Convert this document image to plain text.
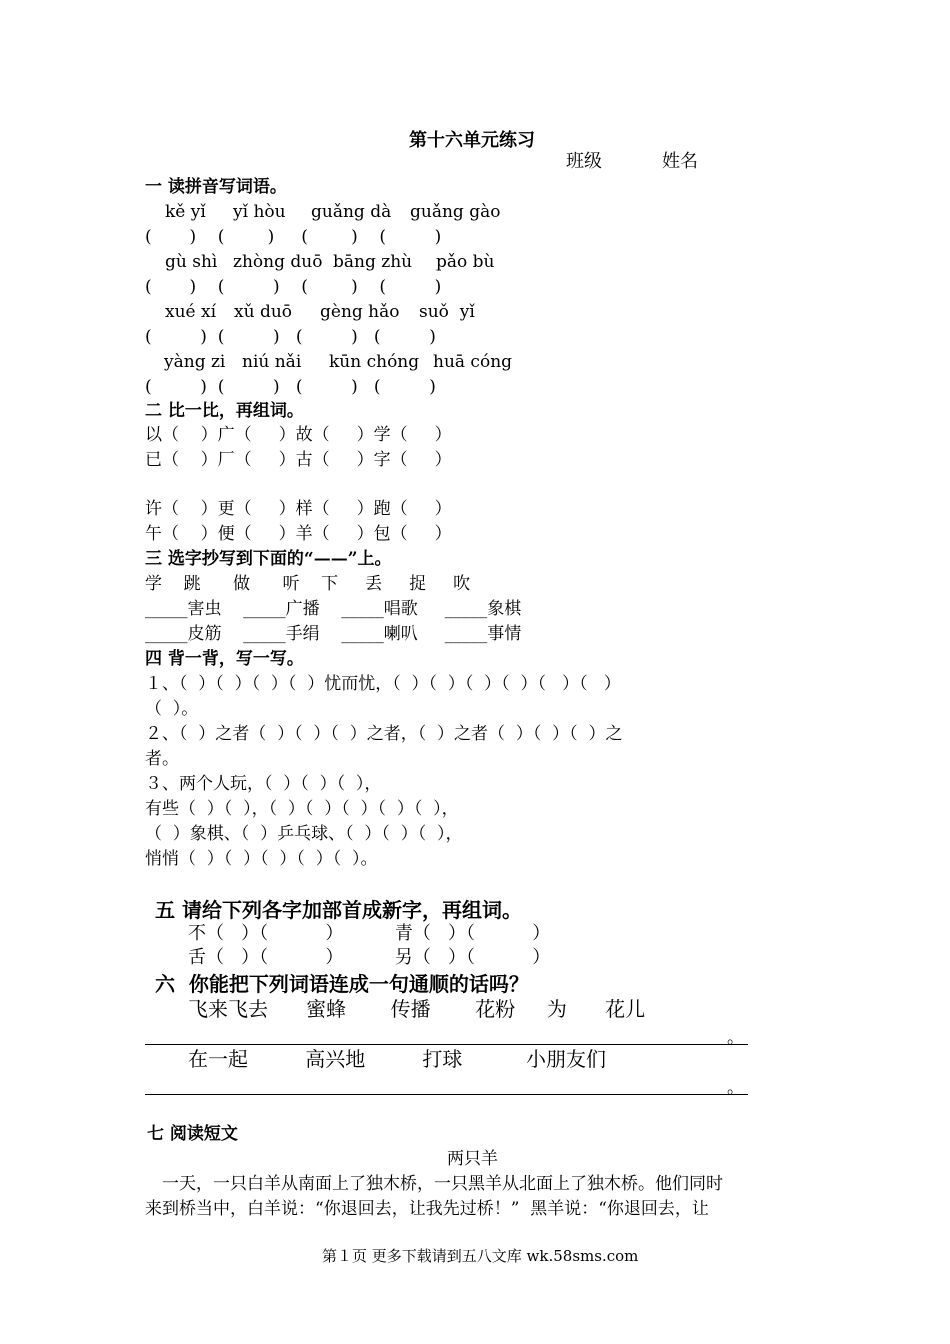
第十六单元练习
班级	姓名
一 读拼音写词语。
kě yǐ yǐ hòu guǎng dà guǎng gào
(       )    (        )     (        )    (         )
gù shì zhòng duō bāng zhù pǎo bù
(       )    (         )    (        )    (         )
xué xí xǔ duō gèng hǎo suǒ  yǐ
(         )  (         )   (         )   (         )
yàng zi niú nǎi kūn chóng huā cóng
(         )  (         )   (         )   (         )
二 比一比，再组词。
以（    ）广（     ）故（     ）学（     ）
已（    ）厂（     ）古（     ）字（     ）
许（    ）更（     ）样（     ）跑（     ）
午（    ）便（     ）羊（     ）包（     ）
三 选字抄写到下面的“——”上。
学    跳      做      听    下     丢     捉     吹
_____害虫    _____广播    _____唱歌     _____象棋
_____皮筋    _____手绢    _____喇叭     _____事情
四 背一背，写一写。
１、（  ）（  ）（  ）（  ）忧而忧，（  ）（  ）（  ）（  ）（   ）（   ）
（  ）。
２、（  ）之者（  ）（  ）（  ）之者，（  ）之者（  ）（  ）（  ）之
者。
３、两个人玩，（  ）（  ）（  ），
有些（  ）（  ），（  ）（  ）（  ）（  ）（  ），
（  ）象棋、（  ）乒乓球、（  ）（  ）（  ），
悄悄（  ）（  ）（  ）（  ）（  ）。
五 请给下列各字加部首成新字，再组词。
不（   ）（          ）         青（   ）（          ）
舌（   ）（          ）         另（   ）（          ）
六  你能把下列词语连成一句通顺的话吗？
飞来飞去      蜜蜂       传播       花粉     为      花儿
。
在一起         高兴地         打球          小朋友们
。
七 阅读短文
两只羊
一天，一只白羊从南面上了独木桥，一只黑羊从北面上了独木桥。他们同时
来到桥当中，白羊说：“你退回去，让我先过桥！”  黑羊说：“你退回去，让
第１页 更多下载请到五八文库 wk.58sms.com
